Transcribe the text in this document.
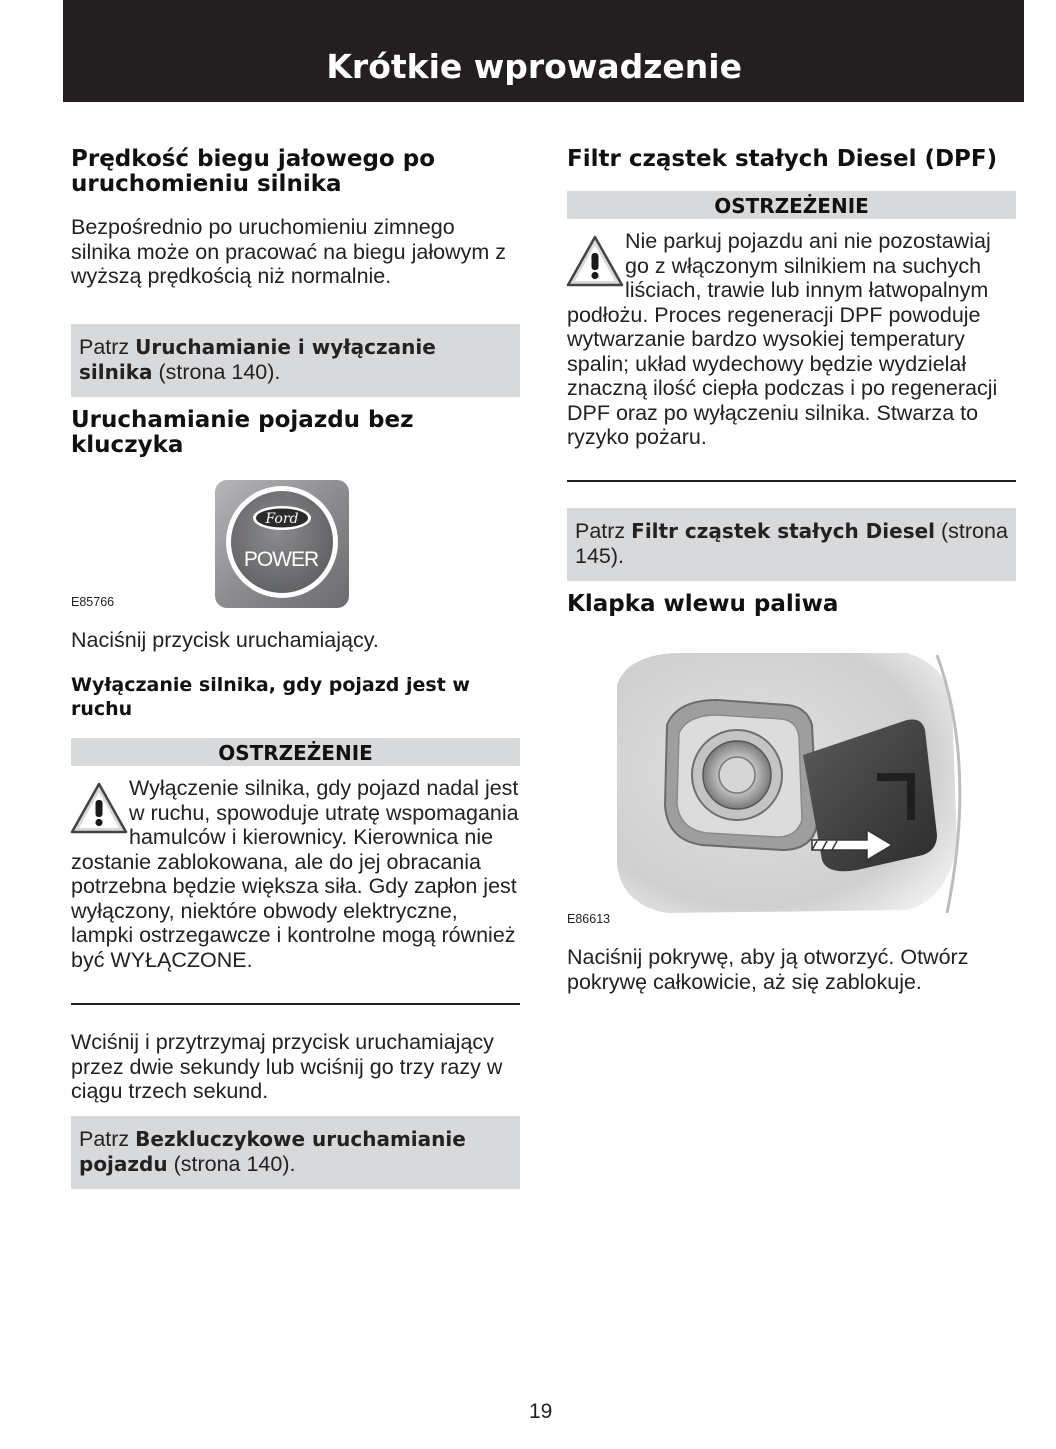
Krótkie wprowadzenie
Prędkość biegu jałowego po uruchomieniu silnika

Bezpośrednio po uruchomieniu zimnego silnika może on pracować na biegu jałowym z wyższą prędkością niż normalnie.

Patrz Uruchamianie i wyłączanie silnika (strona 140).
Uruchamianie pojazdu bez kluczyka
Ford
POWER
E85766

Naciśnij przycisk uruchamiający.

Wyłączanie silnika, gdy pojazd jest w ruchu
OSTRZEŻENIE

Wyłączenie silnika, gdy pojazd nadal jest w ruchu, spowoduje utratę wspomagania hamulców i kierownicy. Kierownica nie zostanie zablokowana, ale do jej obracania potrzebna będzie większa siła. Gdy zapłon jest wyłączony, niektóre obwody elektryczne, lampki ostrzegawcze i kontrolne mogą również być WYŁĄCZONE.

Wciśnij i przytrzymaj przycisk uruchamiający przez dwie sekundy lub wciśnij go trzy razy w ciągu trzech sekund.

Patrz Bezkluczykowe uruchamianie pojazdu (strona 140).
Filtr cząstek stałych Diesel (DPF)
OSTRZEŻENIE

Nie parkuj pojazdu ani nie pozostawiaj go z włączonym silnikiem na suchych liściach, trawie lub innym łatwopalnym podłożu. Proces regeneracji DPF powoduje wytwarzanie bardzo wysokiej temperatury spalin; układ wydechowy będzie wydzielał znaczną ilość ciepła podczas i po regeneracji DPF oraz po wyłączeniu silnika. Stwarza to ryzyko pożaru.

Patrz Filtr cząstek stałych Diesel (strona 145).
Klapka wlewu paliwa
E86613

Naciśnij pokrywę, aby ją otworzyć. Otwórz pokrywę całkowicie, aż się zablokuje.

19
